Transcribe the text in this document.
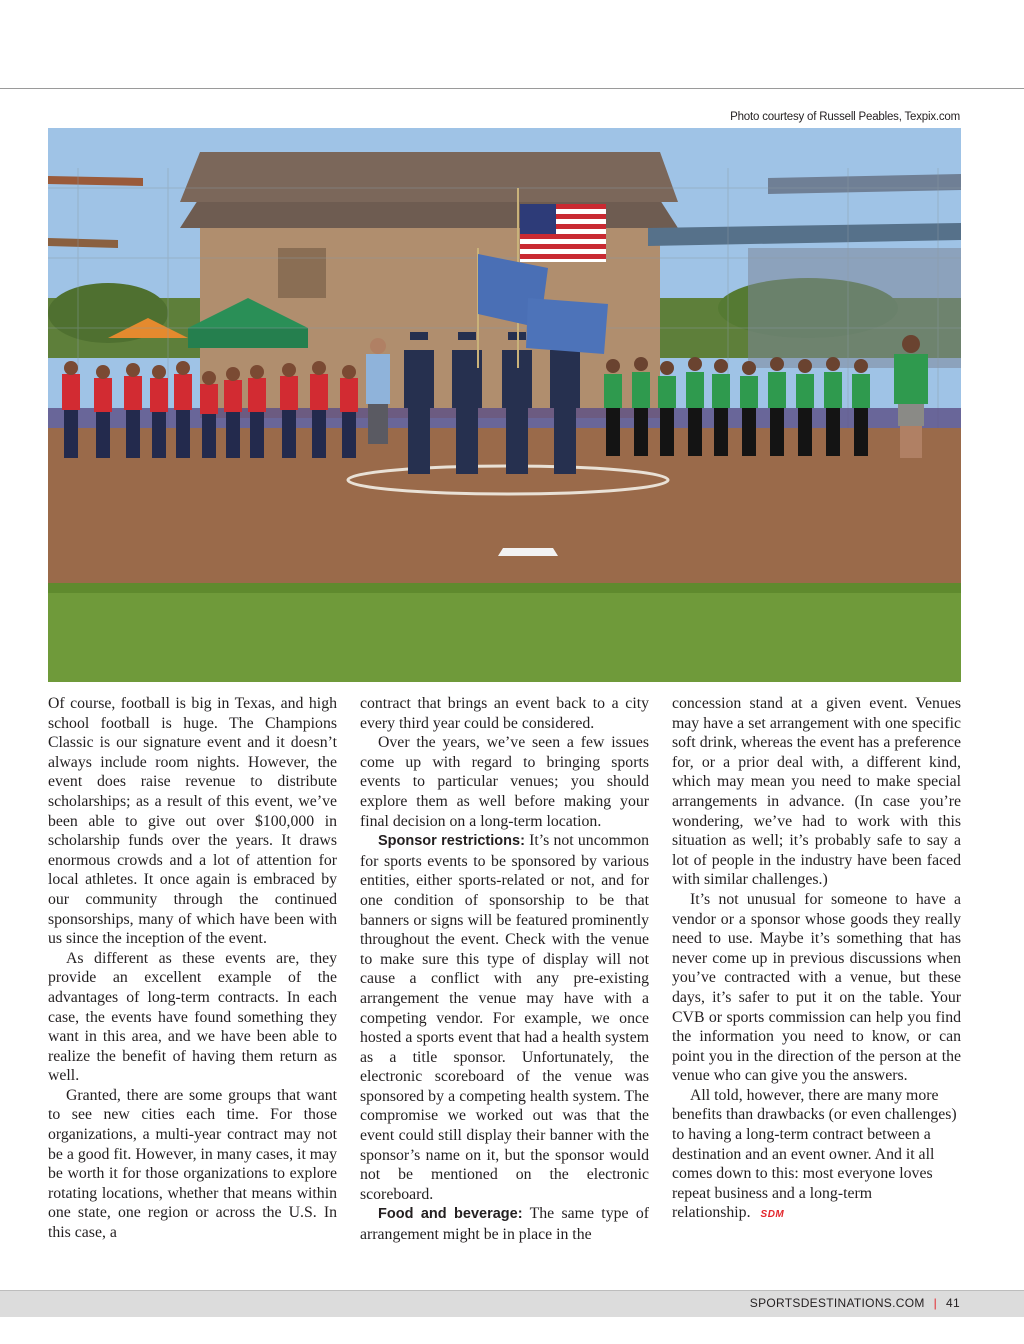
Photo courtesy of Russell Peables, Texpix.com

Of course, football is big in Texas, and high school football is huge. The Champions Classic is our signature event and it doesn’t always include room nights. However, the event does raise revenue to distribute scholarships; as a result of this event, we’ve been able to give out over $100,000 in scholarship funds over the years. It draws enormous crowds and a lot of attention for local athletes. It once again is embraced by our community through the continued sponsorships, many of which have been with us since the inception of the event.

As different as these events are, they provide an excellent example of the advantages of long-term contracts. In each case, the events have found something they want in this area, and we have been able to realize the benefit of having them return as well.

Granted, there are some groups that want to see new cities each time. For those organizations, a multi-year contract may not be a good fit. However, in many cases, it may be worth it for those organizations to explore rotating locations, whether that means within one state, one region or across the U.S. In this case, a

contract that brings an event back to a city every third year could be considered.

Over the years, we’ve seen a few issues come up with regard to bringing sports events to particular venues; you should explore them as well before making your final decision on a long-term location.

Sponsor restrictions: It’s not uncommon for sports events to be sponsored by various entities, either sports-related or not, and for one condition of sponsorship to be that banners or signs will be featured prominently throughout the event. Check with the venue to make sure this type of display will not cause a conflict with any pre-existing arrangement the venue may have with a competing vendor. For example, we once hosted a sports event that had a health system as a title sponsor. Unfortunately, the electronic scoreboard of the venue was sponsored by a competing health system. The compromise we worked out was that the event could still display their banner with the sponsor’s name on it, but the sponsor would not be mentioned on the electronic scoreboard.

Food and beverage: The same type of arrangement might be in place in the

concession stand at a given event. Venues may have a set arrangement with one specific soft drink, whereas the event has a preference for, or a prior deal with, a different kind, which may mean you need to make special arrangements in advance. (In case you’re wondering, we’ve had to work with this situation as well; it’s probably safe to say a lot of people in the industry have been faced with similar challenges.)

It’s not unusual for someone to have a vendor or a sponsor whose goods they really need to use. Maybe it’s something that has never come up in previous discussions when you’ve contracted with a venue, but these days, it’s safer to put it on the table. Your CVB or sports commission can help you find the information you need to know, or can point you in the direction of the person at the venue who can give you the answers.

All told, however, there are many more benefits than drawbacks (or even challenges) to having a long-term contract between a destination and an event owner. And it all comes down to this: most everyone loves repeat business and a long-term relationship. SDM

SPORTSDESTINATIONS.COM | 41
